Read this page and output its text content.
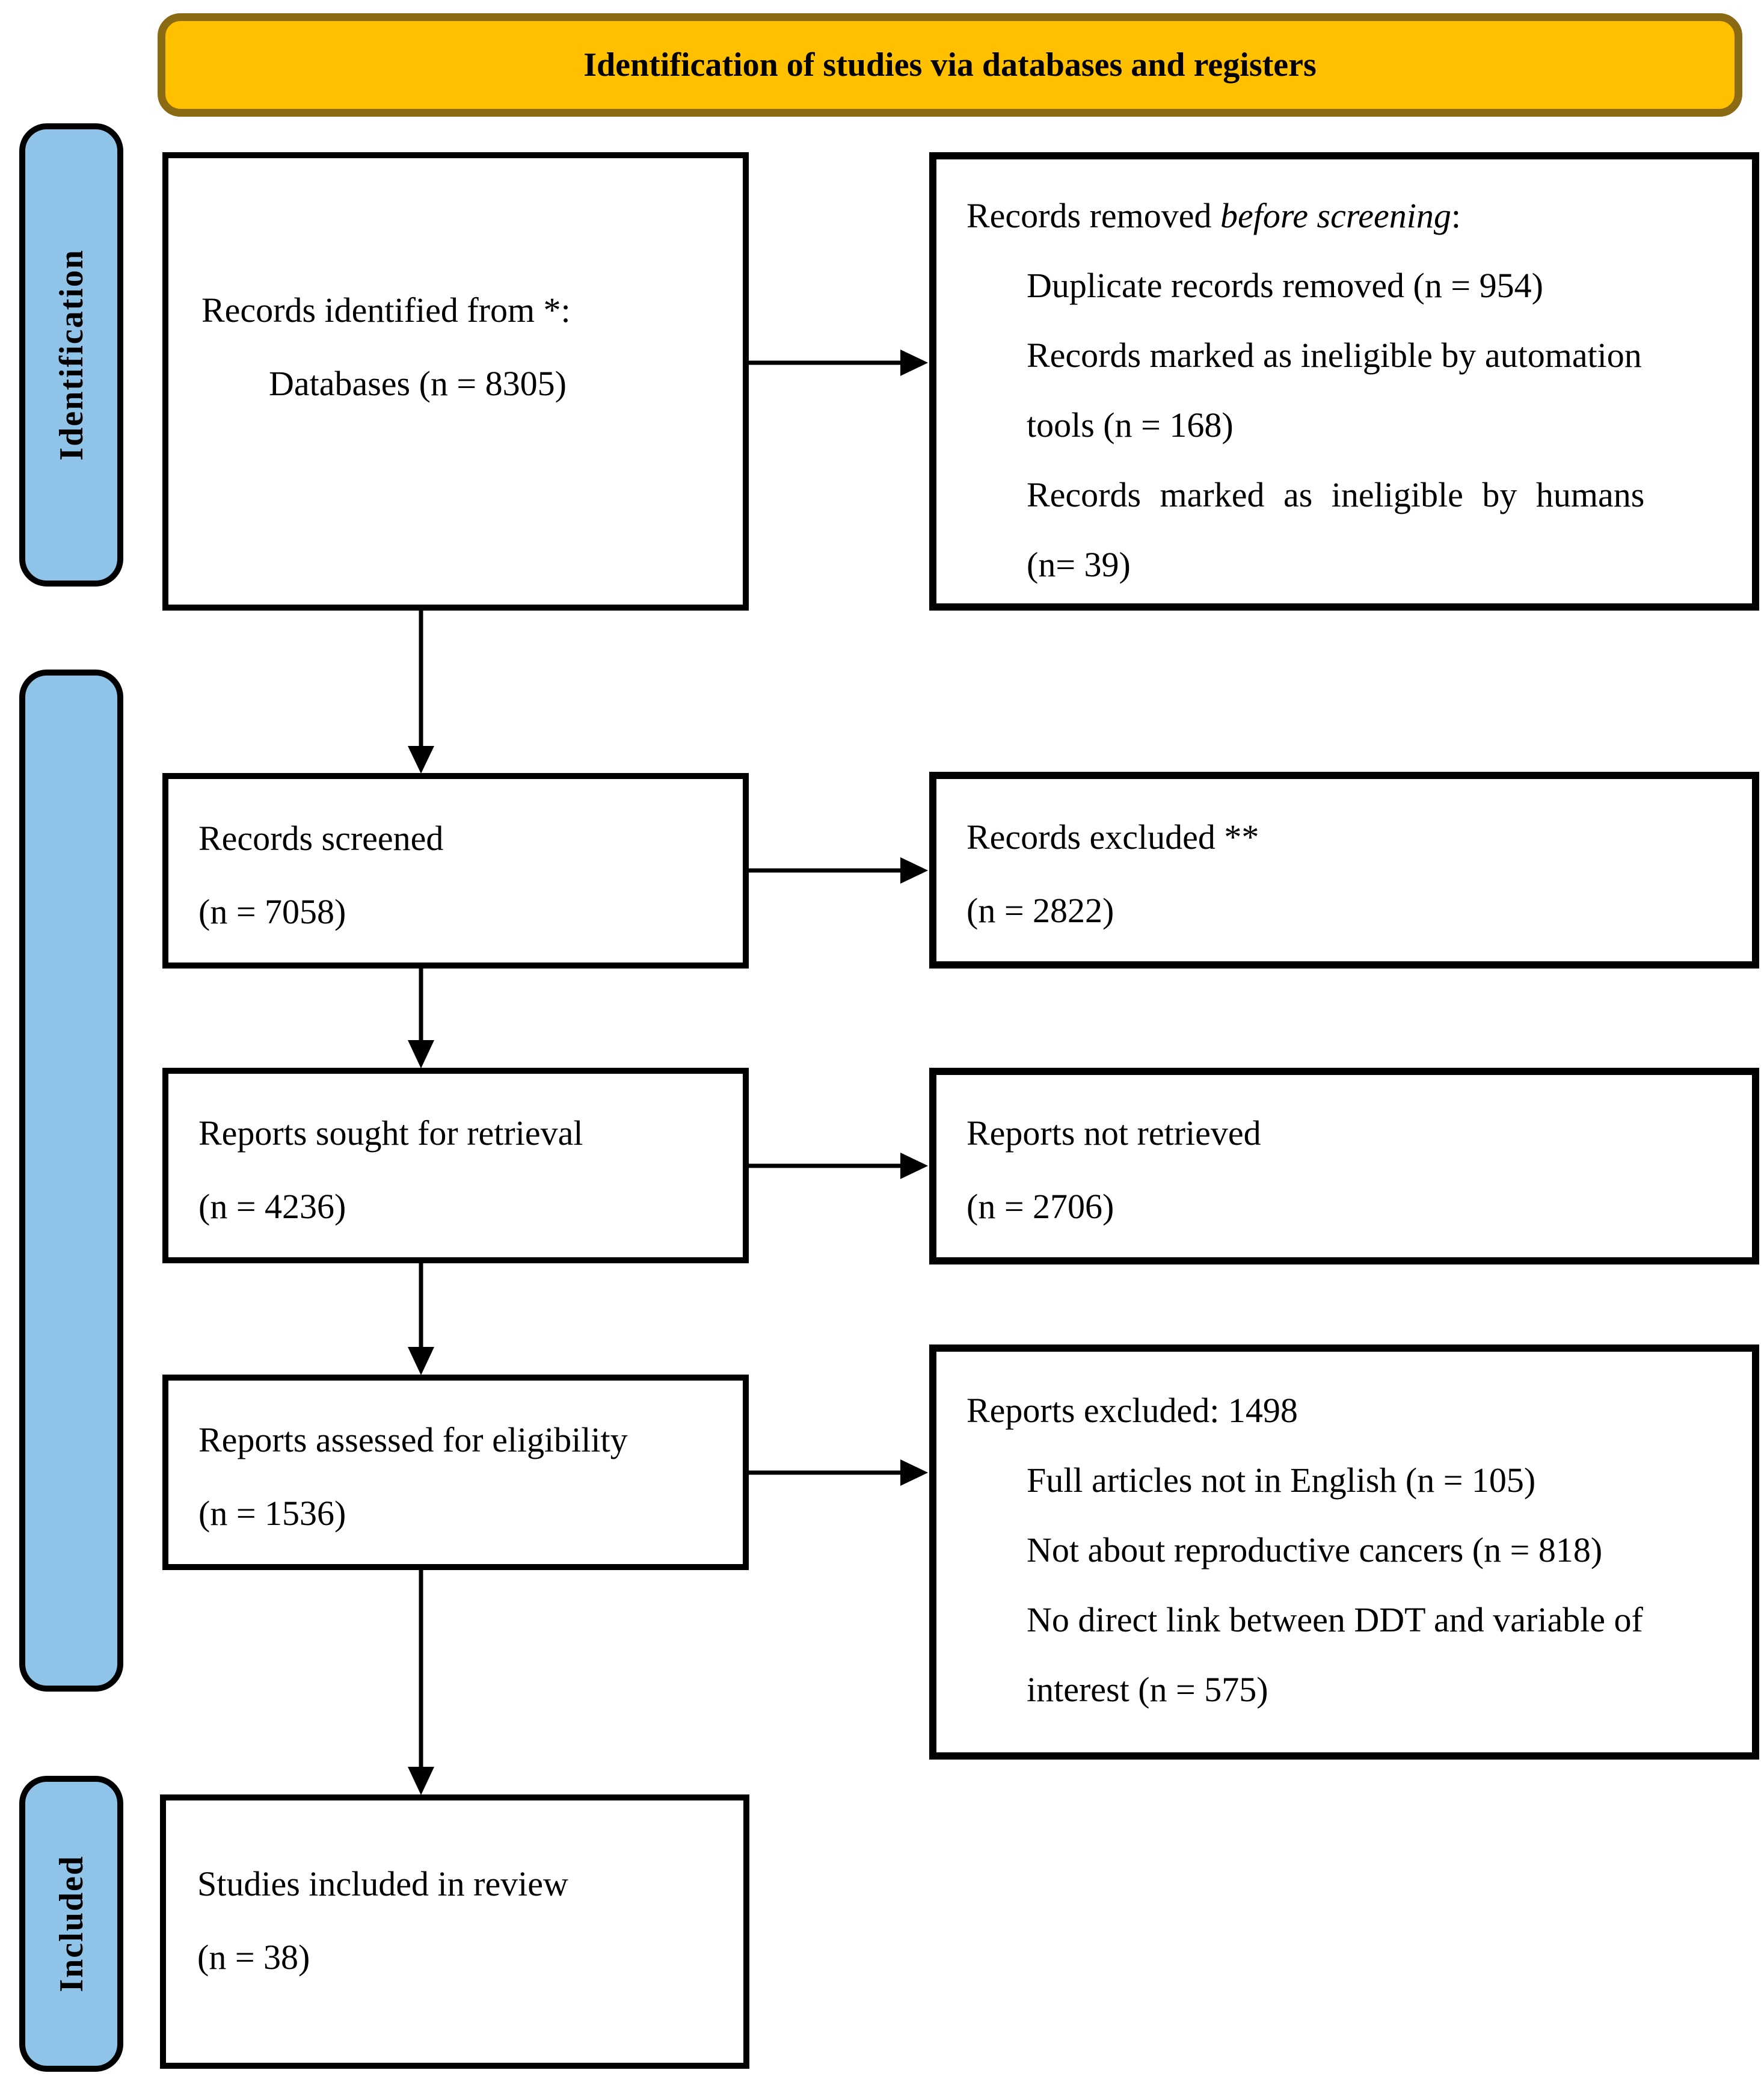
Identification of studies via databases and registers
Identification
Included
Records identified from *:
Databases (n = 8305)
Records screened
(n = 7058)
Reports sought for retrieval
(n = 4236)
Reports assessed for eligibility
(n = 1536)
Studies included in review
(n = 38)
Records removed before screening:
Duplicate records removed (n = 954)
Records marked as ineligible by automation
tools (n = 168)
Records marked as ineligible by humans
(n= 39)
Records excluded **
(n = 2822)
Reports not retrieved
(n = 2706)
Reports excluded: 1498
Full articles not in English (n = 105)
Not about reproductive cancers (n = 818)
No direct link between DDT and variable of
interest (n = 575)
